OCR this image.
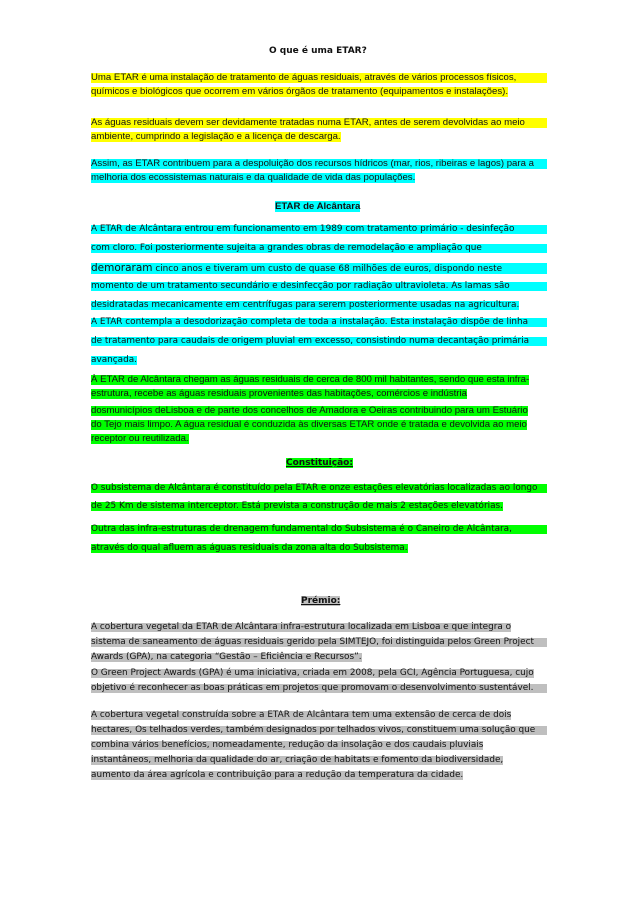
O que é uma ETAR?
Uma ETAR é uma instalação de tratamento de águas residuais, através de vários processos físicos,
químicos e biológicos que ocorrem em vários órgãos de tratamento (equipamentos e instalações).
As águas residuais devem ser devidamente tratadas numa ETAR, antes de serem devolvidas ao meio
ambiente, cumprindo a legislação e a licença de descarga.
Assim, as ETAR contribuem para a despoluição dos recursos hídricos (mar, rios, ribeiras e lagos) para a
melhoria dos ecossistemas naturais e da qualidade de vida das populações.
ETAR de Alcântara
A ETAR de Alcântara entrou em funcionamento em 1989 com tratamento primário - desinfeção
com cloro. Foi posteriormente sujeita a grandes obras de remodelação e ampliação que
demoraram cinco anos e tiveram um custo de quase 68 milhões de euros, dispondo neste
momento de um tratamento secundário e desinfecção por radiação ultravioleta. As lamas são
desidratadas mecanicamente em centrífugas para serem posteriormente usadas na agricultura.
A ETAR contempla a desodorização completa de toda a instalação. Esta instalação dispõe de linha
de tratamento para caudais de origem pluvial em excesso, consistindo numa decantação primária
avançada.
À ETAR de Alcântara chegam as águas residuais de cerca de 800 mil habitantes, sendo que esta infra-
estrutura, recebe as águas residuais provenientes das habitações, comércios e indústria
dosmunicípios deLisboa e de parte dos concelhos de Amadora e Oeiras contribuindo para um Estuário
do Tejo mais limpo. A água residual é conduzida às diversas ETAR onde é tratada e devolvida ao meio
receptor ou reutilizada.
Constituição:
O subsistema de Alcântara é constituído pela ETAR e onze estações elevatórias localizadas ao longo
de 25 Km de sistema interceptor. Está prevista a construção de mais 2 estações elevatórias.
Outra das infra-estruturas de drenagem fundamental do Subsistema é o Caneiro de Alcântara,
através do qual afluem as águas residuais da zona alta do Subsistema.
Prémio:
A cobertura vegetal da ETAR de Alcântara infra-estrutura localizada em Lisboa e que integra o
sistema de saneamento de águas residuais gerido pela SIMTEJO, foi distinguida pelos Green Project
Awards (GPA), na categoria “Gestão – Eficiência e Recursos”.
O Green Project Awards (GPA) é uma iniciativa, criada em 2008, pela GCI, Agência Portuguesa, cujo
objetivo é reconhecer as boas práticas em projetos que promovam o desenvolvimento sustentável.
A cobertura vegetal construída sobre a ETAR de Alcântara tem uma extensão de cerca de dois
hectares, Os telhados verdes, também designados por telhados vivos, constituem uma solução que
combina vários benefícios, nomeadamente, redução da insolação e dos caudais pluviais
instantâneos, melhoria da qualidade do ar, criação de habitats e fomento da biodiversidade,
aumento da área agrícola e contribuição para a redução da temperatura da cidade.
